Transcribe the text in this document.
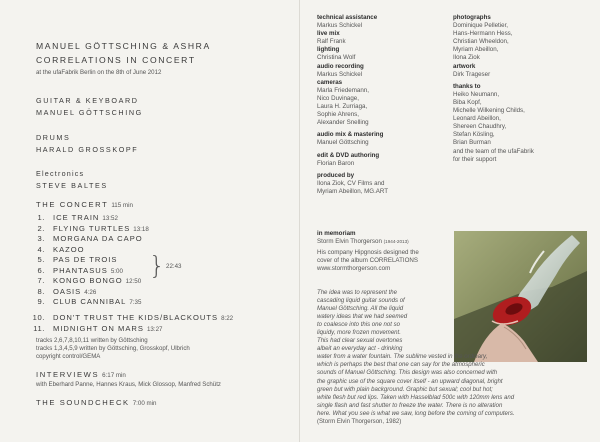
MANUEL GÖTTSCHING & ASHRA
CORRELATIONS IN CONCERT
at the ufaFabrik Berlin on the 8th of June 2012
GUITAR & KEYBOARD
MANUEL GÖTTSCHING
DRUMS
HARALD GROSSKOPF
Electronics
STEVE BALTES
THE CONCERT 115 min
1. ICE TRAIN 13:52
2. FLYING TURTLES 13:18
3. MORGANA DA CAPO
4. KAZOO
5. PAS DE TROIS
6. PHANTASUS 5:00
7. KONGO BONGO 12:50
8. OASIS 4:26
9. CLUB CANNIBAL 7:35
10. DON'T TRUST THE KIDS/BLACKOUTS 8:22
11. MIDNIGHT ON MARS 13:27
} 22:43
tracks 2,6,7,8,10,11 written by Göttsching
tracks 1,3,4,5,9 written by Göttsching, Grosskopf, Ulbrich
copyright control/GEMA
INTERVIEWS 6:17 min
with Eberhard Panne, Hannes Kraus, Mick Glossop, Manfred Schütz
THE SOUNDCHECK 7:00 min
technical assistance
Markus Schickel
live mix
Ralf Frank
lighting
Christina Wolf
audio recording
Markus Schickel
cameras
Marla Friedemann,
Nico Duvinage,
Laura H. Zurriaga,
Sophie Ahrens,
Alexander Snelling
audio mix & mastering
Manuel Göttsching
edit & DVD authoring
Florian Baron
produced by
Ilona Ziok, CV Films and
Myriam Abeillon, MG.ART
photographs
Dominique Pelletier,
Hans-Hermann Hess,
Christian Wheeldon,
Myriam Abeillon,
Ilona Ziok
artwork
Dirk Trageser
thanks to
Heiko Neumann,
Biba Kopf,
Michelle Wilkening Childs,
Leonard Abeillon,
Shereen Chaudhry,
Stefan Kösling,
Brian Burman
and the team of the ufaFabrik
for their support
in memoriam
Storm Elvin Thorgerson (1944-2013)
His company Hipgnosis designed the
cover of the album CORRELATIONS
www.stormthorgerson.com
The idea was to represent the
cascading liquid guitar sounds of
Manuel Göttsching. All the liquid
watery ideas that we had seemed
to coalesce into this one not so
liquidy, more frozen movement.
This had clear sexual overtones
albeit an everyday act - drinking
water from a water fountain. The sublime vested in the ordinary,
which is perhaps the best that one can say for the atmospheric
sounds of Manuel Göttsching. This design was also concerned with
the graphic use of the square cover itself - an upward diagonal, bright
green but with plain background. Graphic but sexual; cool but hot;
white flesh but red lips. Taken with Hasselblad 500c with 120mm lens and
single flash and fast shutter to freeze the water. There is no alteration
here. What you see is what we saw, long before the coming of computers.
(Storm Elvin Thorgerson, 1982)
